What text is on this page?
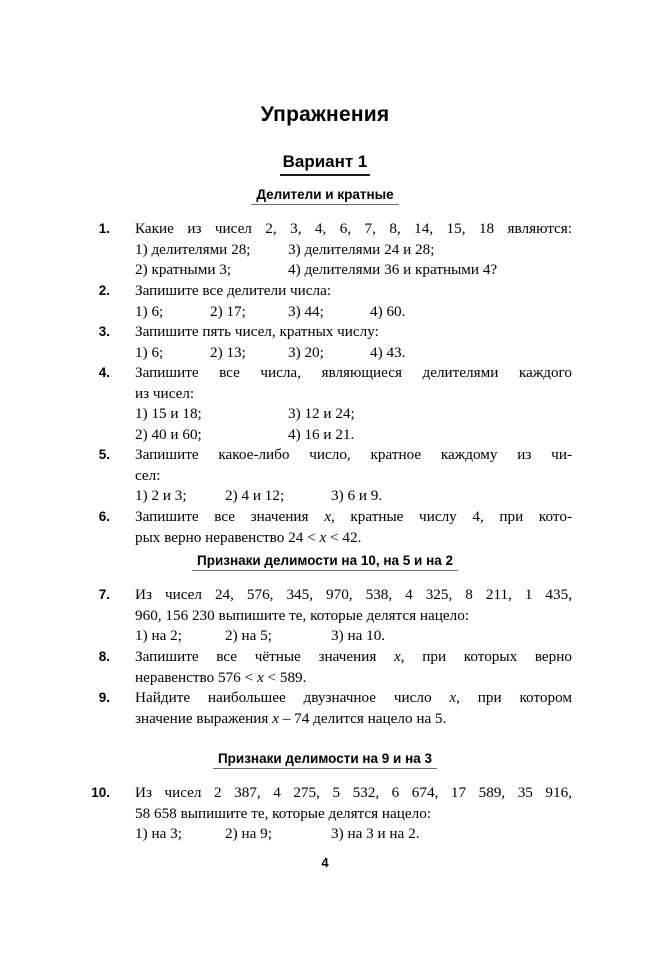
Упражнения
Вариант 1
Делители и кратные
Признаки делимости на 10, на 5 и на 2
Признаки делимости на 9 и на 3
1. Какие из чисел 2, 3, 4, 6, 7, 8, 14, 15, 18 являются:
1) делителями 28; 3) делителями 24 и 28;
2) кратными 3;	4) делителями 36 и кратными 4?
2. Запишите все делители числа:
1) 6;	2) 17;	3) 44;	4) 60.
3. Запишите пять чисел, кратных числу:
1) 6;	2) 13;	3) 20;	4) 43.
4. Запишите все числа, являющиеся делителями каждого
из чисел:
1) 15 и 18;	3) 12 и 24;
2) 40 и 60;	4) 16 и 21.
5. Запишите какое-либо число, кратное каждому из чи-
сел:
1) 2 и 3;	2) 4 и 12;	3) 6 и 9.
6. Запишите все значения x, кратные числу 4, при кото-
рых верно неравенство 24 < x < 42.
7. Из чисел 24, 576, 345, 970, 538, 4 325, 8 211, 1 435,
960, 156 230 выпишите те, которые делятся нацело:
1) на 2;	2) на 5;	3) на 10.
8. Запишите все чётные значения x, при которых верно
неравенство 576 < x < 589.
9. Найдите наибольшее двузначное число x, при котором
значение выражения x – 74 делится нацело на 5.
10. Из чисел 2 387, 4 275, 5 532, 6 674, 17 589, 35 916,
58 658 выпишите те, которые делятся нацело:
1) на 3;	2) на 9;	3) на 3 и на 2.
4
